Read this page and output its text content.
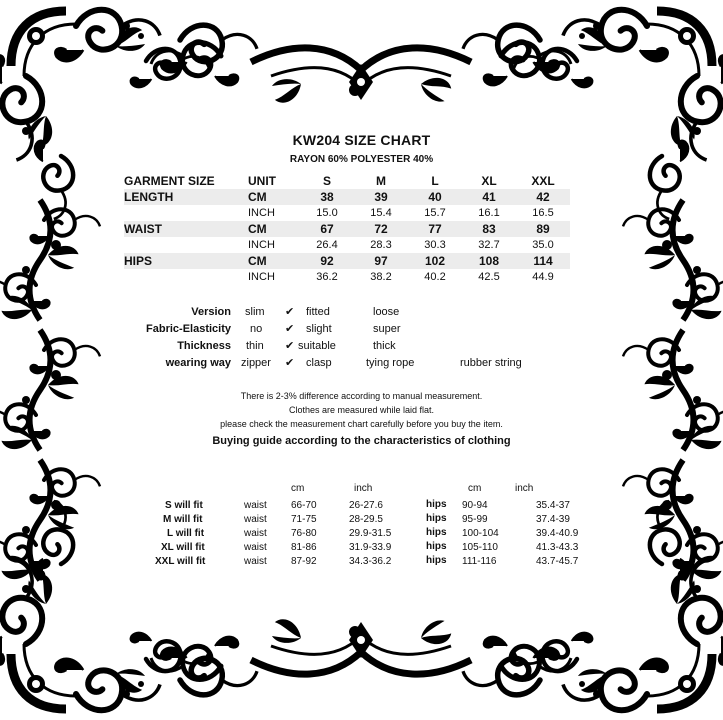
KW204 SIZE CHART
RAYON 60% POLYESTER 40%
GARMENT SIZE	UNIT	S	M	L	XL	XXL
LENGTH	CM	38	39	40	41	42
	INCH	15.0	15.4	15.7	16.1	16.5
WAIST	CM	67	72	77	83	89
	INCH	26.4	28.3	30.3	32.7	35.0
HIPS	CM	92	97	102	108	114
	INCH	36.2	38.2	40.2	42.5	44.9
Version slim ✔ fitted	loose
Fabric-Elasticity no ✔ slight	super
Thickness thin ✔ suitable	thick
wearing way zipper ✔ clasp	tying rope	rubber string
There is 2-3% difference according to manual measurement.
Clothes are measured while laid flat.
please check the measurement chart carefully before you buy the item.
Buying guide according to the characteristics of clothing
cm	inch	cm	inch
S will fit	waist 66-70	26-27.6	hips 90-94	35.4-37
M will fit	waist 71-75	28-29.5	hips 95-99	37.4-39
L will fit	waist 76-80	29.9-31.5	hips 100-104	39.4-40.9
XL will fit	waist 81-86	31.9-33.9	hips 105-110	41.3-43.3
XXL will fit	waist 87-92	34.3-36.2	hips 111-116	43.7-45.7
